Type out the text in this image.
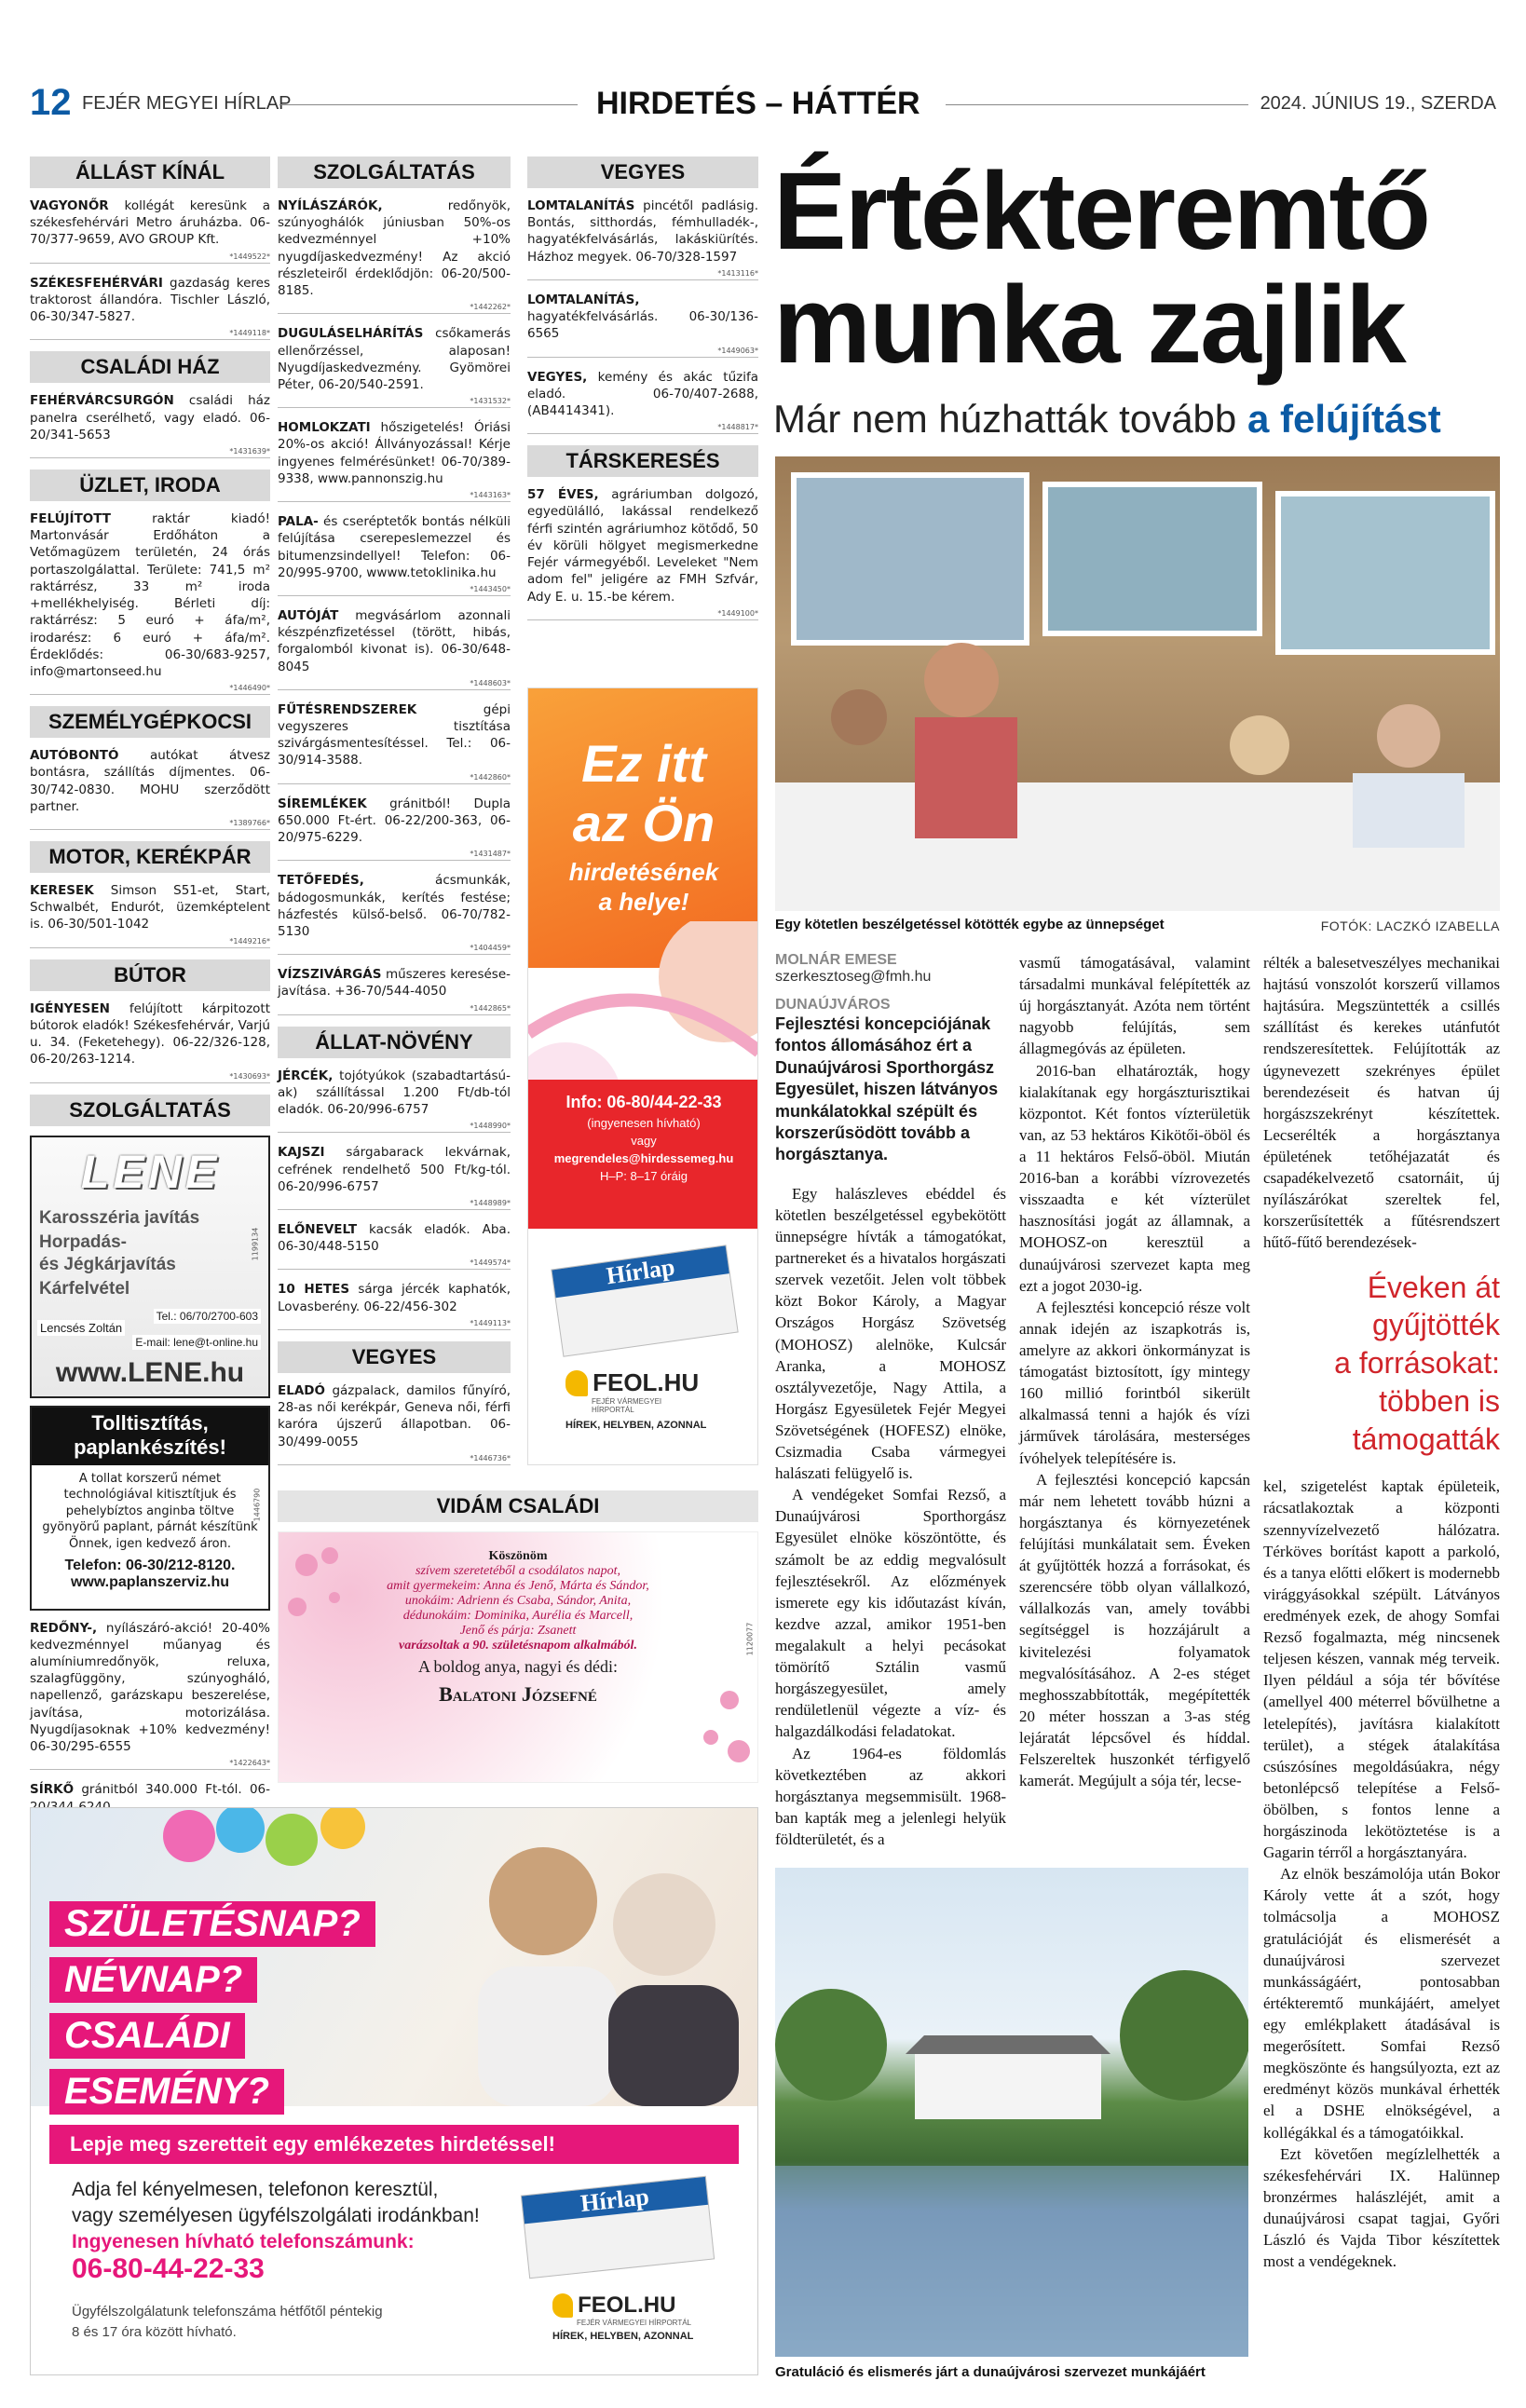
12 FEJÉR MEGYEI HÍRLAP	HIRDETÉS – HÁTTÉR	2024. JÚNIUS 19., SZERDA
ÁLLÁST KÍNÁL
VAGYONŐR kollégát keresünk a székesfehérvári Metro áruházba. 06-70/377-9659, AVO GROUP Kft.
*1449522*
SZÉKESFEHÉRVÁRI gazdaság keres traktorost állandóra. Tischler László, 06-30/347-5827.
*1449118*
CSALÁDI HÁZ
FEHÉRVÁRCSURGÓN családi ház panelra cserélhető, vagy eladó. 06-20/341-5653
*1431639*
ÜZLET, IRODA
FELÚJÍTOTT raktár kiadó! Martonvásár Erdőháton a Vetőmagüzem területén, 24 órás portaszolgálattal. Területe: 741,5 m² raktárrész, 33 m² iroda +mellékhelyiség. Bérleti díj: raktárrész: 5 euró + áfa/m², irodarész: 6 euró + áfa/m². Érdeklődés: 06-30/683-9257, info@martonseed.hu
*1446490*
SZEMÉLYGÉPKOCSI
AUTÓBONTÓ autókat átvesz bontásra, szállítás díjmentes. 06-30/742-0830. MOHU szerződött partner.
*1389766*
MOTOR, KERÉKPÁR
KERESEK Simson S51-et, Start, Schwalbét, Endurót, üzemképtelent is. 06-30/501-1042
*1449216*
BÚTOR
IGÉNYESEN felújított kárpitozott bútorok eladók! Székesfehérvár, Varjú u. 34. (Feketehegy). 06-22/326-128, 06-20/263-1214.
*1430693*
SZOLGÁLTATÁS
LENE
Karosszéria javítás
Horpadás-
és Jégkárjavítás
Kárfelvétel
Lencsés Zoltán
Tel.: 06/70/2700-603
E-mail: lene@t-online.hu
www.LENE.hu
1199134
Tolltisztítás,
paplankészítés!
A tollat korszerű német technológiával kitisztítjuk és pehelybíztos anginba töltve gyönyörű paplant, párnát készítünk Önnek, igen kedvező áron.
Telefon: 06-30/212-8120.
www.paplanszerviz.hu
1446790
REDŐNY-, nyílászáró-akció! 20-40% kedvezménnyel műanyag és alumíniumredőnyök, reluxa, szalagfüggöny, szúnyogháló, napellenző, garázskapu beszerelése, javítása, motorizálása. Nyugdíjasoknak +10% kedvezmény! 06-30/295-6555
*1422643*
SÍRKŐ gránitból 340.000 Ft-tól. 06-
SZOLGÁLTATÁS
NYÍLÁSZÁRÓK, redőnyök, szúnyoghálók júniusban 50%-os kedvezménnyel +10% nyugdíjaskedvezmény! Az akció részleteiről érdeklődjön: 06-20/500-8185.
*1442262*
DUGULÁSELHÁRÍTÁS csőkamerás ellenőrzéssel, alaposan! Nyugdíjaskedvezmény. Gyömörei Péter, 06-20/540-2591.
*1431532*
HOMLOKZATI hőszigetelés! Óriási 20%-os akció! Állványozással! Kérje ingyenes felmérésünket! 06-70/389-9338, www.pannonszig.hu
*1443163*
PALA- és cseréptetők bontás nélküli felújítása cserepeslemezzel és bitumenzsindellyel! Telefon: 06-20/995-9700, wwww.tetoklinika.hu
*1443450*
AUTÓJÁT megvásárlom azonnali készpénzfizetéssel (törött, hibás, forgalomból kivonat is). 06-30/648-8045
*1448603*
FŰTÉSRENDSZEREK gépi vegyszeres tisztítása szivárgásmentesítéssel. Tel.: 06-30/914-3588.
*1442860*
SÍREMLÉKEK gránitból! Dupla 650.000 Ft-ért. 06-22/200-363, 06-20/975-6229.
*1431487*
TETŐFEDÉS, ácsmunkák, bádogosmunkák, kerítés festése; házfestés külső-belső. 06-70/782-5130
*1404459*
VÍZSZIVÁRGÁS műszeres keresése-javítása. +36-70/544-4050
*1442865*
ÁLLAT-NÖVÉNY
JÉRCÉK, tojótyúkok (szabadtartású-ak) szállítással 1.200 Ft/db-tól eladók. 06-20/996-6757
*1448990*
KAJSZI sárgabarack lekvárnak, cefrének rendelhető 500 Ft/kg-tól. 06-20/996-6757
*1448989*
ELŐNEVELT kacsák eladók. Aba. 06-30/448-5150
*1449574*
10 HETES sárga jércék kaphatók, Lovasberény. 06-22/456-302
*1449113*
VEGYES
ELADÓ gázpalack, damilos fűnyíró, 28-as női kerékpár, Geneva női, férfi karóra újszerű állapotban. 06-30/499-0055
*1446736*
VEGYES
LOMTALANÍTÁS pincétől padlásig. Bontás, sitthordás, fémhulladék-, hagyatékfelvásárlás, lakáskiürítés. Házhoz megyek. 06-70/328-1597
*1413116*
LOMTALANÍTÁS, hagyatékfelvásárlás. 06-30/136-6565
*1449063*
VEGYES, kemény és akác tűzifa eladó. 06-70/407-2688, (AB4414341).
*1448817*
TÁRSKERESÉS
57 ÉVES, agráriumban dolgozó, egyedülálló, lakással rendelkező férfi szintén agráriumhoz kötődő, 50 év körüli hölgyet megismerkedne Fejér vármegyéből. Leveleket "Nem adom fel" jeligére az FMH Szfvár, Ady E. u. 15.-be kérem.
*1449100*
Ez itt
az Ön
hirdetésének
a helye!
Info: 06-80/44-22-33
(ingyenesen hívható)
vagy
megrendeles@hirdessemeg.hu
H–P: 8–17 óráig
Hírlap
FEOL.HU
FEJÉR VÁRMEGYEI HÍRPORTÁL
HÍREK, HELYBEN, AZONNAL
VIDÁM CSALÁDI
Köszönöm
szívem szeretetéből a csodálatos napot,
amit gyermekeim: Anna és Jenő, Márta és Sándor,
unokáim: Adrienn és Csaba, Sándor, Anita,
dédunokáim: Dominika, Aurélia és Marcell,
Jenő és párja: Zsanett
varázsoltak a 90. születésnapom alkalmából.
A boldog anya, nagyi és dédi:
Balatoni Józsefné
1120077
SZÜLETÉSNAP?
NÉVNAP?
CSALÁDI
ESEMÉNY?
Lepje meg szeretteit egy emlékezetes hirdetéssel!
Adja fel kényelmesen, telefonon keresztül,
vagy személyesen ügyfélszolgálati irodánkban!
Ingyenesen hívható telefonszámunk:
06-80-44-22-33
Ügyfélszolgálatunk telefonszáma hétfőtől péntekig
8 és 17 óra között hívható.
Hírlap
FEOL.HU
FEJÉR VÁRMEGYEI HÍRPORTÁL
HÍREK, HELYBEN, AZONNAL
Értékteremtő
munka zajlik
Már nem húzhatták tovább a felújítást
Egy kötetlen beszélgetéssel kötötték egybe az ünnepséget	FOTÓK: LACZKÓ IZABELLA
MOLNÁR EMESE
szerkesztoseg@fmh.hu
DUNAÚJVÁROS
Fejlesztési koncepciójának fontos állomásához ért a Dunaújvárosi Sporthorgász Egyesület, hiszen látványos munkálatokkal szépült és korszerűsödött tovább a horgásztanya.

Egy halászleves ebéddel és kötetlen beszélgetéssel egybekötött ünnepségre hívták a támogatókat, partnereket és a hivatalos horgászati szervek vezetőit. Jelen volt többek közt Bokor Károly, a Magyar Országos Horgász Szövetség (MOHOSZ) alelnöke, Kulcsár Aranka, a MOHOSZ osztályvezetője, Nagy Attila, a Horgász Egyesületek Fejér Megyei Szövetségének (HOFESZ) elnöke, Csizmadia Csaba vármegyei halászati felügyelő is.

A vendégeket Somfai Rezső, a Dunaújvárosi Sporthorgász Egyesület elnöke köszöntötte, és számolt be az eddig megvalósult fejlesztésekről. Az előzmények ismerete egy kis időutazást kíván, kezdve azzal, amikor 1951-ben megalakult a helyi pecásokat tömörítő Sztálin vasmű horgászegyesület, amely rendületlenül végezte a víz- és halgazdálkodási feladatokat.

Az 1964-es földomlás következtében az akkori horgásztanya megsemmisült. 1968-ban kapták meg a jelenlegi helyük földterületét, és a

vasmű támogatásával, valamint társadalmi munkával felépítették az új horgásztanyát. Azóta nem történt nagyobb felújítás, sem állagmegóvás az épületen.

2016-ban elhatározták, hogy kialakítanak egy horgászturisztikai központot. Két fontos vízterületük van, az 53 hektáros Kikötői-öböl és a 11 hektáros Felső-öböl. Miután 2016-ban a korábbi vízrovezetés visszaadta e két vízterület hasznosítási jogát az államnak, a MOHOSZ-on keresztül a dunaújvárosi szervezet kapta meg ezt a jogot 2030-ig.

A fejlesztési koncepció része volt annak idején az iszapkotrás is, amelyre az akkori önkormányzat is támogatást biztosított, így mintegy 160 millió forintból sikerült alkalmassá tenni a hajók és vízi járművek tárolására, mesterséges ívóhelyek telepítésére is.

A fejlesztési koncepció kapcsán már nem lehetett tovább húzni a horgásztanya és környezetének felújítási munkálatait sem. Éveken át gyűjtötték hozzá a forrásokat, és szerencsére több olyan vállalkozó, vállalkozás van, amely további segítséggel is hozzájárult a kivitelezési folyamatok megvalósításához. A 2-es stéget meghosszabbították, megépítették 20 méter hosszan a 3-as stég lejáratát lépcsővel és híddal. Felszereltek huszonkét térfigyelő kamerát. Megújult a sója tér, lecse-

rélték a balesetveszélyes mechanikai hajtású vonszolót korszerű villamos hajtásúra. Megszüntették a csillés szállítást és kerekes utánfutót rendszeresítettek. Felújították az úgynevezett szekrényes épület berendezéseit és hatvan új horgászszekrényt készítettek. Lecserélték a horgásztanya épületének tetőhéjazatát és csapadékelvezető csatornáit, új nyílászárókat szereltek fel, korszerűsítették a fűtésrendszert hűtő-fűtő berendezések-

Éveken át
gyűjtötték
a forrásokat:
többen is
támogatták

kel, szigetelést kaptak épületeik, rácsatlakoztak a központi szennyvízelvezető hálózatra. Térköves borítást kapott a parkoló, és a tanya előtti előkert is modernebb virággyásokkal szépült. Látványos eredmények ezek, de ahogy Somfai Rezső fogalmazta, még nincsenek teljesen készen, vannak még terveik. Ilyen például a sója tér bővítése (amellyel 400 méterrel bővülhetne a letelepítés), javításra kialakított terület), a stégek átalakítása csúszósínes megoldásúakra, négy betonlépcső telepítése a Felső-öbölben, s fontos lenne a horgászinoda lekötöztetése is a Gagarin térről a horgásztanyára.

Az elnök beszámolója után Bokor Károly vette át a szót, hogy tolmácsolja a MOHOSZ gratulációját és elismerését a dunaújvárosi szervezet munkásságáért, pontosabban értékteremtő munkájáért, amelyet egy emlékplakett átadásával is megerősített. Somfai Rezső megköszönte és hangsúlyozta, ezt az eredményt közös munkával érhették el a DSHE elnökségével, a kollégákkal és a támogatóikkal.

Ezt követően megízlelhették a székesfehérvári IX. Halünnep bronzérmes halászléjét, amit a dunaújvárosi csapat tagjai, Győri László és Vajda Tibor készítettek most a vendégeknek.

Gratuláció és elismerés járt a dunaújvárosi szervezet munkájáért
